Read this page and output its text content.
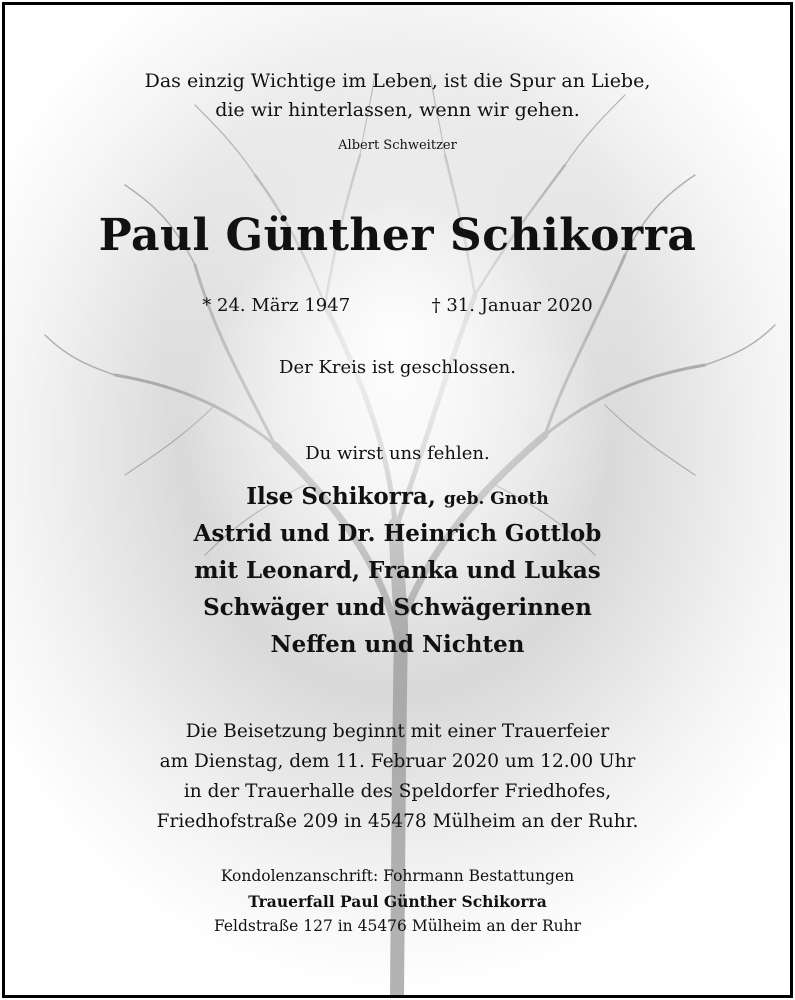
Das einzig Wichtige im Leben, ist die Spur an Liebe,
die wir hinterlassen, wenn wir gehen.
Albert Schweitzer
Paul Günther Schikorra
* 24. März 1947	† 31. Januar 2020
Der Kreis ist geschlossen.
Du wirst uns fehlen.
Ilse Schikorra, geb. Gnoth
Astrid und Dr. Heinrich Gottlob
mit Leonard, Franka und Lukas
Schwäger und Schwägerinnen
Neffen und Nichten
Die Beisetzung beginnt mit einer Trauerfeier
am Dienstag, dem 11. Februar 2020 um 12.00 Uhr
in der Trauerhalle des Speldorfer Friedhofes,
Friedhofstraße 209 in 45478 Mülheim an der Ruhr.
Kondolenzanschrift: Fohrmann Bestattungen
Trauerfall Paul Günther Schikorra
Feldstraße 127 in 45476 Mülheim an der Ruhr
